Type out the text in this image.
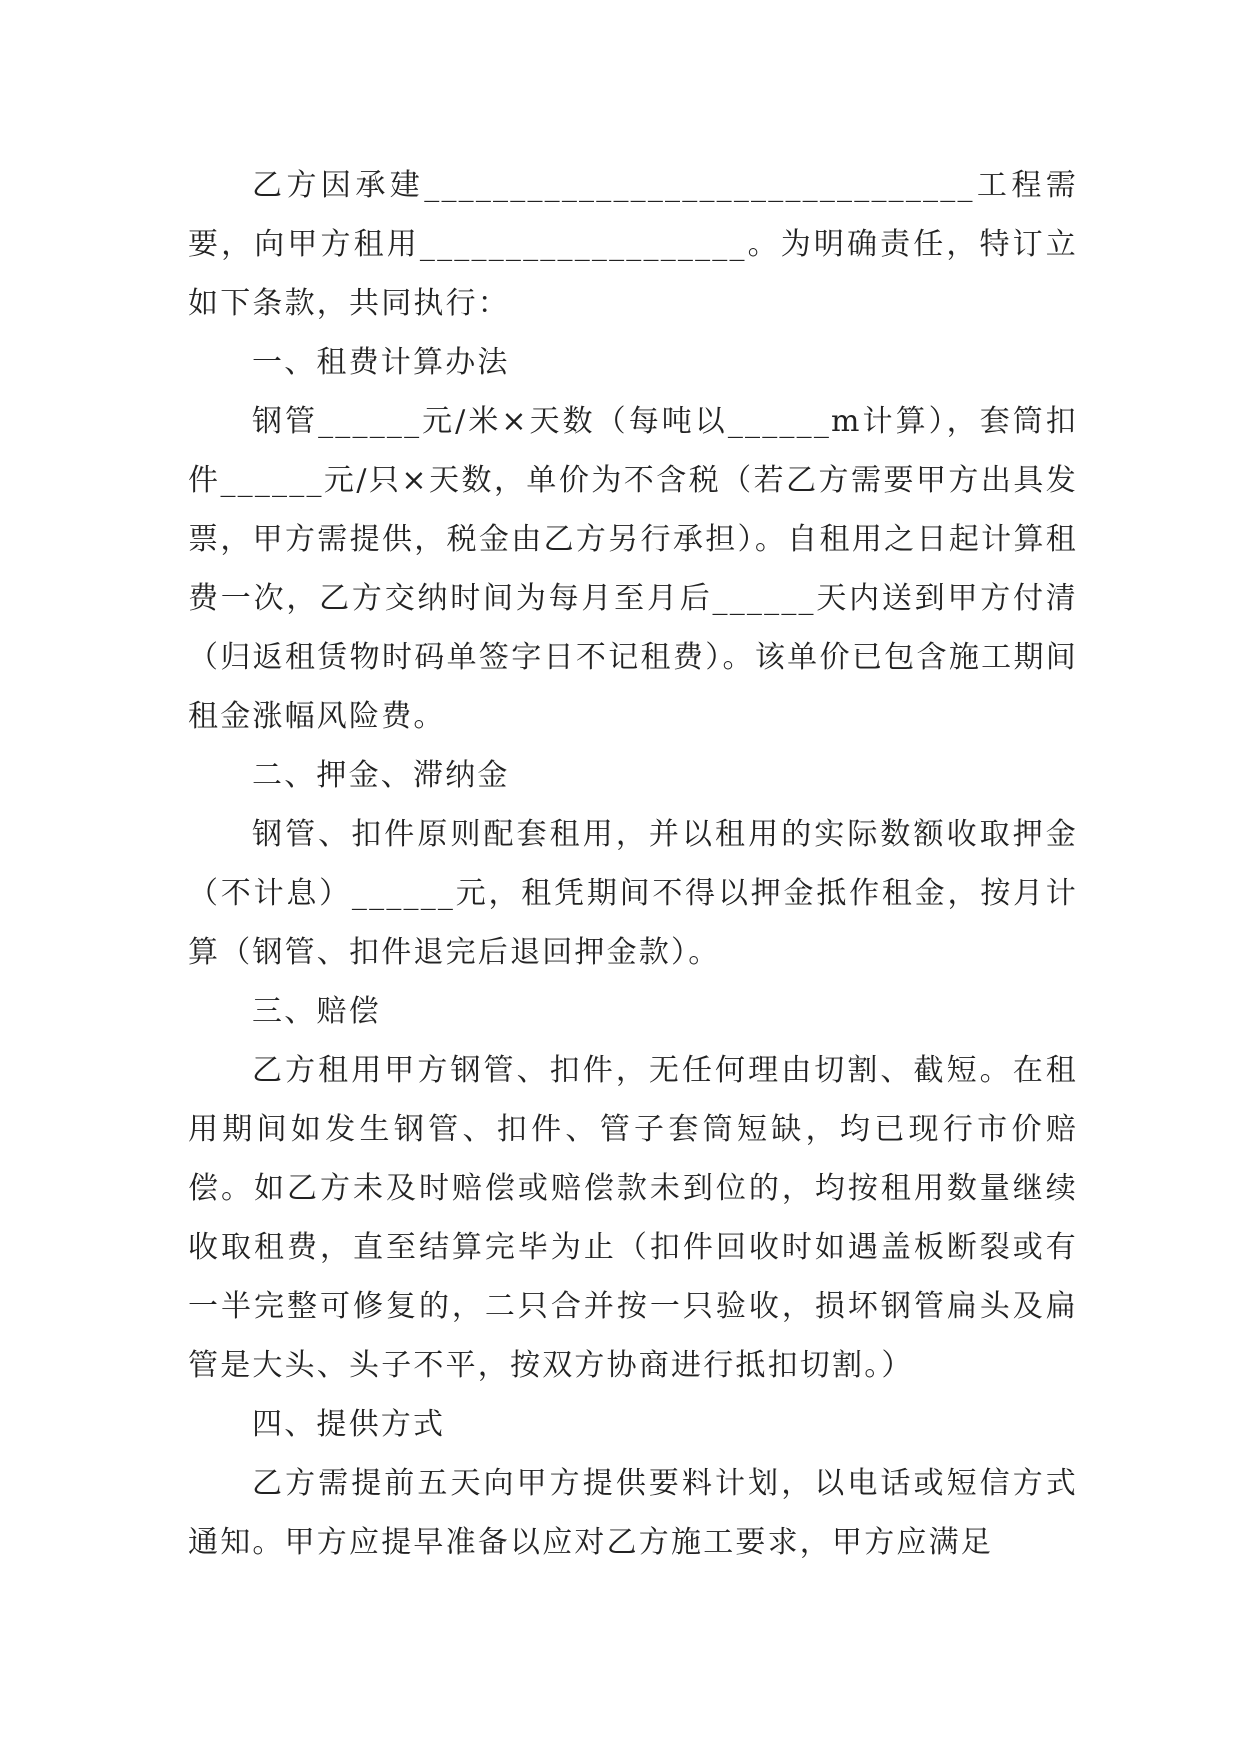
乙方因承建________________________________工程需要，向甲方租用___________________。为明确责任，特订立如下条款，共同执行：

一、租费计算办法

钢管______元/米×天数（每吨以______m计算），套筒扣件______元/只×天数，单价为不含税（若乙方需要甲方出具发票，甲方需提供，税金由乙方另行承担）。自租用之日起计算租费一次，乙方交纳时间为每月至月后______天内送到甲方付清（归返租赁物时码单签字日不记租费）。该单价已包含施工期间租金涨幅风险费。

二、押金、滞纳金

钢管、扣件原则配套租用，并以租用的实际数额收取押金（不计息）______元，租凭期间不得以押金抵作租金，按月计算（钢管、扣件退完后退回押金款）。

三、赔偿

乙方租用甲方钢管、扣件，无任何理由切割、截短。在租用期间如发生钢管、扣件、管子套筒短缺，均已现行市价赔偿。如乙方未及时赔偿或赔偿款未到位的，均按租用数量继续收取租费，直至结算完毕为止（扣件回收时如遇盖板断裂或有一半完整可修复的，二只合并按一只验收，损坏钢管扁头及扁管是大头、头子不平，按双方协商进行抵扣切割。）

四、提供方式

乙方需提前五天向甲方提供要料计划，以电话或短信方式通知。甲方应提早准备以应对乙方施工要求，甲方应满足
